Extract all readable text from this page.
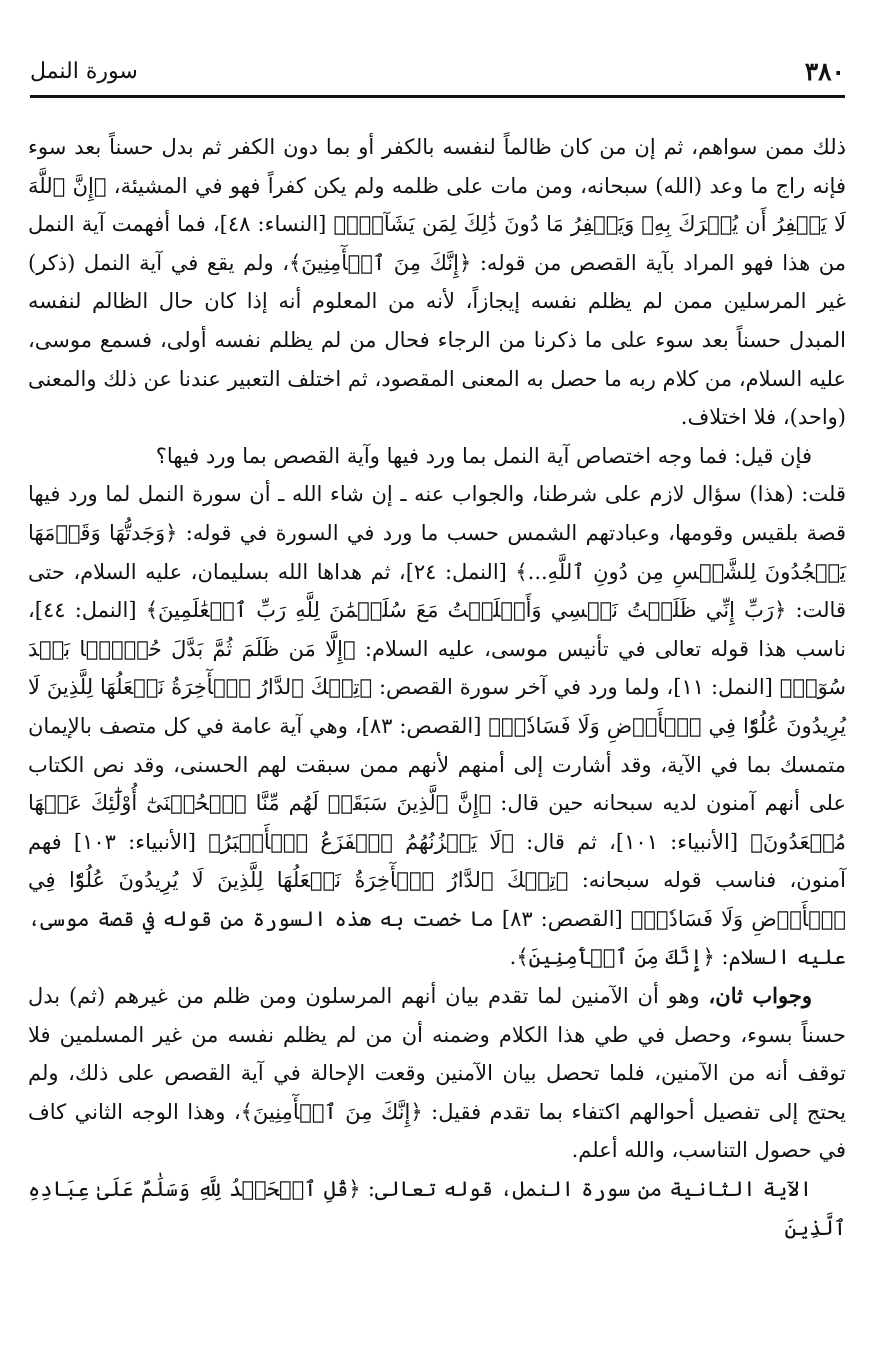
٣٨٠
سورة النمل

ذلك ممن سواهم، ثم إن من كان ظالماً لنفسه بالكفر أو بما دون الكفر ثم بدل حسناً بعد سوء فإنه راج ما وعد (الله) سبحانه، ومن مات على ظلمه ولم يكن كفراً فهو في المشيئة، ﴿إِنَّ ٱللَّهَ لَا يَغۡفِرُ أَن يُشۡرَكَ بِهِۦ وَيَغۡفِرُ مَا دُونَ ذَٰلِكَ لِمَن يَشَآءُۚ﴾ [النساء: ٤٨]، فما أفهمت آية النمل من هذا فهو المراد بآية القصص من قوله: ﴿إِنَّكَ مِنَ ٱلۡأٓمِنِينَ﴾، ولم يقع في آية النمل (ذكر) غير المرسلين ممن لم يظلم نفسه إيجازاً، لأنه من المعلوم أنه إذا كان حال الظالم لنفسه المبدل حسناً بعد سوء على ما ذكرنا من الرجاء فحال من لم يظلم نفسه أولى، فسمع موسى، عليه السلام، من كلام ربه ما حصل به المعنى المقصود، ثم اختلف التعبير عندنا عن ذلك والمعنى (واحد)، فلا اختلاف.

فإن قيل: فما وجه اختصاص آية النمل بما ورد فيها وآية القصص بما ورد فيها؟

قلت: (هذا) سؤال لازم على شرطنا، والجواب عنه ـ إن شاء الله ـ أن سورة النمل لما ورد فيها قصة بلقيس وقومها، وعبادتهم الشمس حسب ما ورد في السورة في قوله: ﴿وَجَدتُّهَا وَقَوۡمَهَا يَسۡجُدُونَ لِلشَّمۡسِ مِن دُونِ ٱللَّهِ...﴾ [النمل: ٢٤]، ثم هداها الله بسليمان، عليه السلام، حتى قالت: ﴿رَبِّ إِنِّي ظَلَمۡتُ نَفۡسِي وَأَسۡلَمۡتُ مَعَ سُلَيۡمَٰنَ لِلَّهِ رَبِّ ٱلۡعَٰلَمِينَ﴾ [النمل: ٤٤]، ناسب هذا قوله تعالى في تأنيس موسى، عليه السلام: ﴿إِلَّا مَن ظَلَمَ ثُمَّ بَدَّلَ حُسۡنَۢا بَعۡدَ سُوٓءٖ﴾ [النمل: ١١]، ولما ورد في آخر سورة القصص: ﴿تِلۡكَ ٱلدَّارُ ٱلۡأٓخِرَةُ نَجۡعَلُهَا لِلَّذِينَ لَا يُرِيدُونَ عُلُوّٗا فِي ٱلۡأَرۡضِ وَلَا فَسَادٗاۚ﴾ [القصص: ٨٣]، وهي آية عامة في كل متصف بالإيمان متمسك بما في الآية، وقد أشارت إلى أمنهم لأنهم ممن سبقت لهم الحسنى، وقد نص الكتاب على أنهم آمنون لديه سبحانه حين قال: ﴿إِنَّ ٱلَّذِينَ سَبَقَتۡ لَهُم مِّنَّا ٱلۡحُسۡنَىٰٓ أُوْلَٰٓئِكَ عَنۡهَا مُبۡعَدُونَ﴾ [الأنبياء: ١٠١]، ثم قال: ﴿لَا يَحۡزُنُهُمُ ٱلۡفَزَعُ ٱلۡأَكۡبَرُ﴾ [الأنبياء: ١٠٣] فهم آمنون، فناسب قوله سبحانه: ﴿تِلۡكَ ٱلدَّارُ ٱلۡأٓخِرَةُ نَجۡعَلُهَا لِلَّذِينَ لَا يُرِيدُونَ عُلُوّٗا فِي ٱلۡأَرۡضِ وَلَا فَسَادٗاۚ﴾ [القصص: ٨٣] ما خصت به هذه السورة من قوله في قصة موسى، عليه السلام: ﴿إِنَّكَ مِنَ ٱلۡأٓمِنِينَ﴾.

وجواب ثان، وهو أن الآمنين لما تقدم بيان أنهم المرسلون ومن ظلم من غيرهم (ثم) بدل حسناً بسوء، وحصل في طي هذا الكلام وضمنه أن من لم يظلم نفسه من غير المسلمين فلا توقف أنه من الآمنين، فلما تحصل بيان الآمنين وقعت الإحالة في آية القصص على ذلك، ولم يحتج إلى تفصيل أحوالهم اكتفاء بما تقدم فقيل: ﴿إِنَّكَ مِنَ ٱلۡأٓمِنِينَ﴾، وهذا الوجه الثاني كاف في حصول التناسب، والله أعلم.

الآية الثانية من سورة النمل، قوله تعالى: ﴿قُلِ ٱلۡحَمۡدُ لِلَّهِ وَسَلَٰمٌ عَلَىٰ عِبَادِهِ ٱلَّذِينَ
